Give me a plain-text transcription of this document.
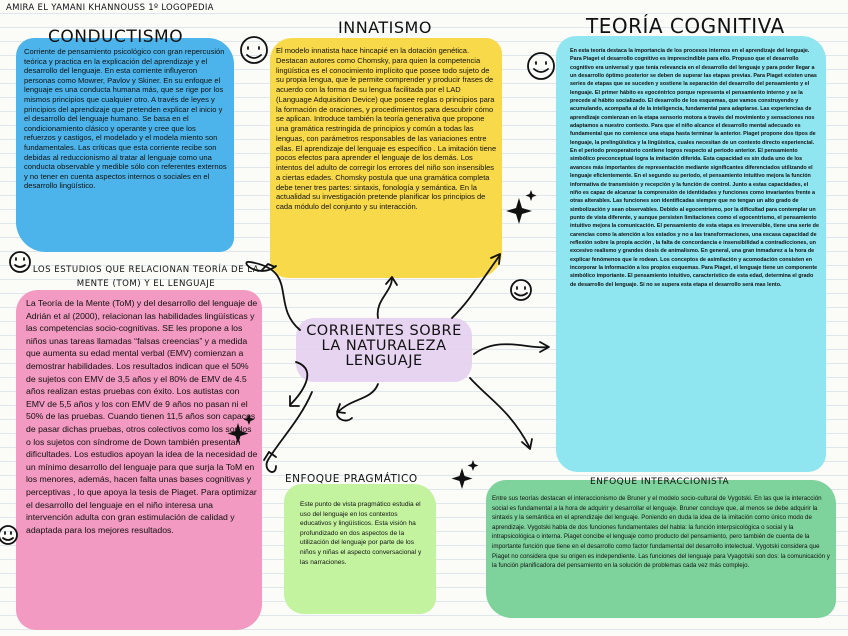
AMIRA EL YAMANI KHANNOUSS 1º LOGOPEDIA
CONDUCTISMO	INNATISMO	TEORÍA COGNITIVA
LOS ESTUDIOS QUE RELACIONAN TEORÍA DE LA MENTE (TOM) Y EL LENGUAJE
ENFOQUE PRAGMÁTICO	ENFOQUE INTERACCIONISTA
CORRIENTES SOBRE LA NATURALEZA LENGUAJE

Corriente de pensamiento psicológico con gran repercusión teórica y practica en la explicación del aprendizaje y el desarrollo del lenguaje. En esta corriente influyeron personas como Mowrer, Pavlov y Skiner. En su enfoque el lenguaje es una conducta humana más, que se rige por los mismos principios que cualquier otro. A través de leyes y principios del aprendizaje que pretenden explicar el inicio y el desarrollo del lenguaje humano. Se basa en el condicionamiento clásico y operante y cree que los refuerzos y castigos, el modelado y el modela miento son fundamentales. Las críticas que esta corriente recibe son debidas al reduccionismo al tratar al lenguaje como una conducta observable y medible sólo con referentes externos y no tener en cuenta aspectos internos o sociales en el desarrollo lingüístico.

El modelo innatista hace hincapié en la dotación genética. Destacan autores como Chomsky, para quien la competencia lingüística es el conocimiento implícito que posee todo sujeto de su propia lengua, que le permite comprender y producir frases de acuerdo con la forma de su lengua facilitada por el LAD (Language Adquisition Device) que posee reglas o principios para la formación de oraciones, y procedimientos para descubrir cómo se aplican. Introduce también la teoría generativa que propone una gramática restringida de principios y común a todas las lenguas, con parámetros responsables de las variaciones entre ellas. El aprendizaje del lenguaje es específico . La imitación tiene pocos efectos para aprender el lenguaje de los demás. Los intentos del adulto de corregir los errores del niño son insensibles a ciertas edades. Chomsky postula que una gramática completa debe tener tres partes: sintaxis, fonología y semántica. En la actualidad su investigación pretende planificar los principios de cada módulo del conjunto y su interacción.

En esta teoría destaca la importancia de los procesos internos en el aprendizaje del lenguaje. Para Piaget el desarrollo cognitivo es imprescindible para ello. Propuso que el desarrollo cognitivo era universal y que tenía relevancia en el desarrollo del lenguaje y para poder llegar a un desarrollo óptimo posterior se deben de superar las etapas previas. Para Piaget existen unas series de etapas que se suceden y sostiene la separación del desarrollo del pensamiento y el lenguaje. El primer hábito es egocéntrico porque representa el pensamiento interno y se la precede al hábito socializado. El desarrollo de los esquemas, que vamos construyendo y acumulando, acompaña al de la inteligencia, fundamental para adaptarse. Las experiencias de aprendizaje comienzan en la etapa sensorio motora a través del movimiento y sensaciones nos adaptamos a nuestro contexto. Para que el niño alcance el desarrollo mental adecuado es fundamental que no comience una etapa hasta terminar la anterior. Piaget propone dos tipos de lenguaje, la prelingüística y la lingüística, cuales necesitan de un contexto directo experiencial. En el periodo preoperatorio contiene logros respecto al periodo anterior. El pensamiento simbólico preconceptual logra la imitación diferida. Esta capacidad es sin duda uno de los avances más importantes de representación mediante significantes diferenciados utilizando el lenguaje eficientemente. En el segundo su periodo, el pensamiento intuitivo mejora la función informativa de transmisión y recepción y la función de control. Junto a estas capacidades, el niño es capaz de alcanzar la comprensión de identidades y funciones como invariantes frente a otras alterables. Las funciones son identificadas siempre que no tengan un alto grado de simbolización y sean observables. Debido al egocentrismo, por la dificultad para contemplar un punto de vista diferente, y aunque persisten limitaciones como el egocentrismo, el pensamiento intuitivo mejora la comunicación. El pensamiento de esta etapa es irreversible, tiene una serie de carencias como la atención a los estados y no a las transformaciones, una escasa capacidad de reflexión sobre la propia acción , la falta de concordancia e insensibilidad a contradicciones, un excesivo realismo y grandes dosis de animalismo. En general, una gran inmadurez a la hora de explicar fenómenos que le rodean. Los conceptos de asimilación y acomodación consisten en incorporar la información a los propios esquemas. Para Piaget, el lenguaje tiene un componente simbólico importante. El pensamiento intuitivo, característico de esta edad, determina el grado de desarrollo del lenguaje. Si no se supera esta etapa el desarrollo será mas lento.

La Teoría de la Mente (ToM) y del desarrollo del lenguaje de Adrián et al (2000), relacionan las habilidades lingüísticas y las competencias socio-cognitivas. SE les propone a los niños unas tareas llamadas “falsas creencias” y a medida que aumenta su edad mental verbal (EMV) comienzan a demostrar habilidades. Los resultados indican que el 50% de sujetos con EMV de 3,5 años y el 80% de EMV de 4.5 años realizan estas pruebas con éxito. Los autistas con EMV de 5,5 años y los con EMV de 9 años no pasan ni el 50% de las pruebas. Cuando tienen 11,5 años son capaces de pasar dichas pruebas, otros colectivos como los sordos o los sujetos con síndrome de Down también presentan dificultades. Los estudios apoyan la idea de la necesidad de un mínimo desarrollo del lenguaje para que surja la ToM en los menores, además, hacen falta unas bases cognitivas y perceptivas , lo que apoya la tesis de Piaget. Para optimizar el desarrollo del lenguaje en el niño interesa una intervención adulta con gran estimulación de calidad y adaptada para los mejores resultados.

Este punto de vista pragmático estudia el uso del lenguaje en los contextos educativos y lingüísticos. Esta visión ha profundizado en dos aspectos de la utilización del lenguaje por parte de los niños y niñas el aspecto conversacional y las narraciones.

Entre sus teorías destacan el interaccionismo de Bruner y el modelo socio-cultural de Vygotski. En las que la interacción social es fundamental a la hora de adquirir y desarrollar el lenguaje. Bruner concluye que, al menos se debe adquirir la sintaxis y la semántica en el aprendizaje del lenguaje. Poniendo en duda la idea de la imitación como único modo de aprendizaje. Vygotski habla de dos funciones fundamentales del habla: la función interpsicológica o social y la intrapsicológica o interna. Piaget concibe el lenguaje como producto del pensamiento, pero también de cuenta de la importante función que tiene en el desarrollo como factor fundamental del desarrollo intelectual. Vygotski considera que Piaget no considera que su origen es independiente. Las funciones del lenguaje para Vyagotski son dos: la comunicación y la función planificadora del pensamiento en la solución de problemas cada vez más complejo.
